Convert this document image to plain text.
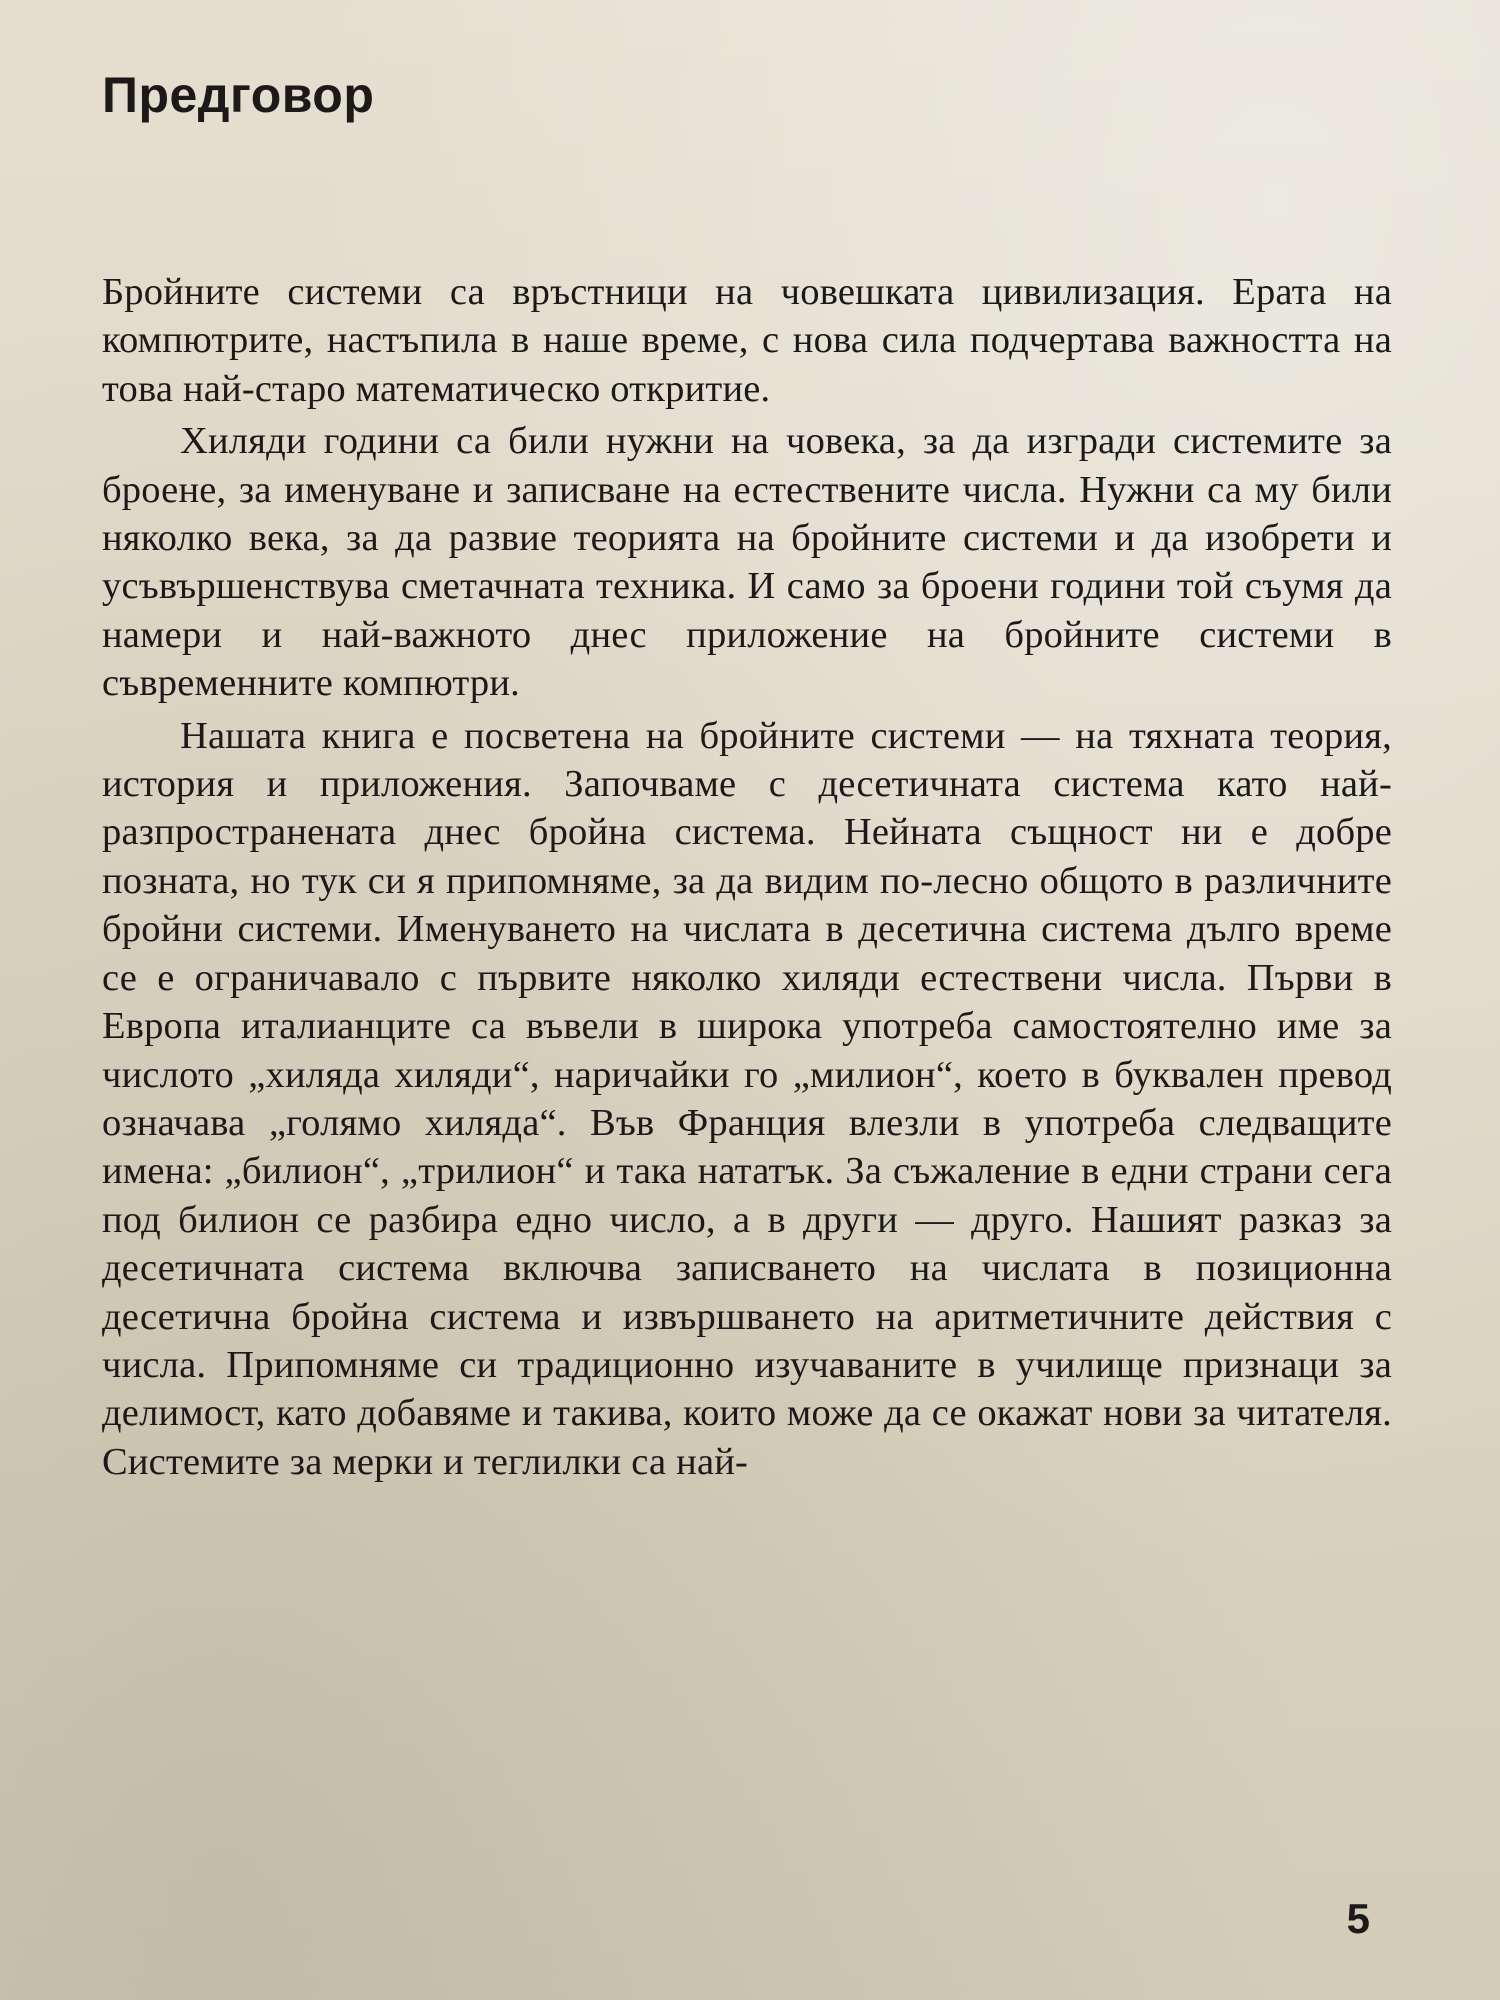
Предговор

Бройните системи са връстници на човешката цивилизация. Ерата на компютрите, настъпила в наше време, с нова сила подчертава важността на това най-старо математическо откритие.

Хиляди години са били нужни на човека, за да изгради системите за броене, за именуване и записване на естествените числа. Нужни са му били няколко века, за да развие теорията на бройните системи и да изобрети и усъвършенствува сметачната техника. И само за броени години той съумя да намери и най-важното днес приложение на бройните системи в съвременните компютри.

Нашата книга е посветена на бройните системи — на тяхната теория, история и приложения. Започваме с десетичната система като най-разпространената днес бройна система. Нейната същност ни е добре позната, но тук си я припомняме, за да видим по-лесно общото в различните бройни системи. Именуването на числата в десетична система дълго време се е ограничавало с първите няколко хиляди естествени числа. Първи в Европа италианците са въвели в широка употреба самостоятелно име за числото „хиляда хиляди“, наричайки го „милион“, което в буквален превод означава „голямо хиляда“. Във Франция влезли в употреба следващите имена: „билион“, „трилион“ и така нататък. За съжаление в едни страни сега под билион се разбира едно число, а в други — друго. Нашият разказ за десетичната система включва записването на числата в позиционна десетична бройна система и извършването на аритметичните действия с числа. Припомняме си традиционно изучаваните в училище признаци за делимост, като добавяме и такива, които може да се окажат нови за читателя. Системите за мерки и теглилки са най-

5
